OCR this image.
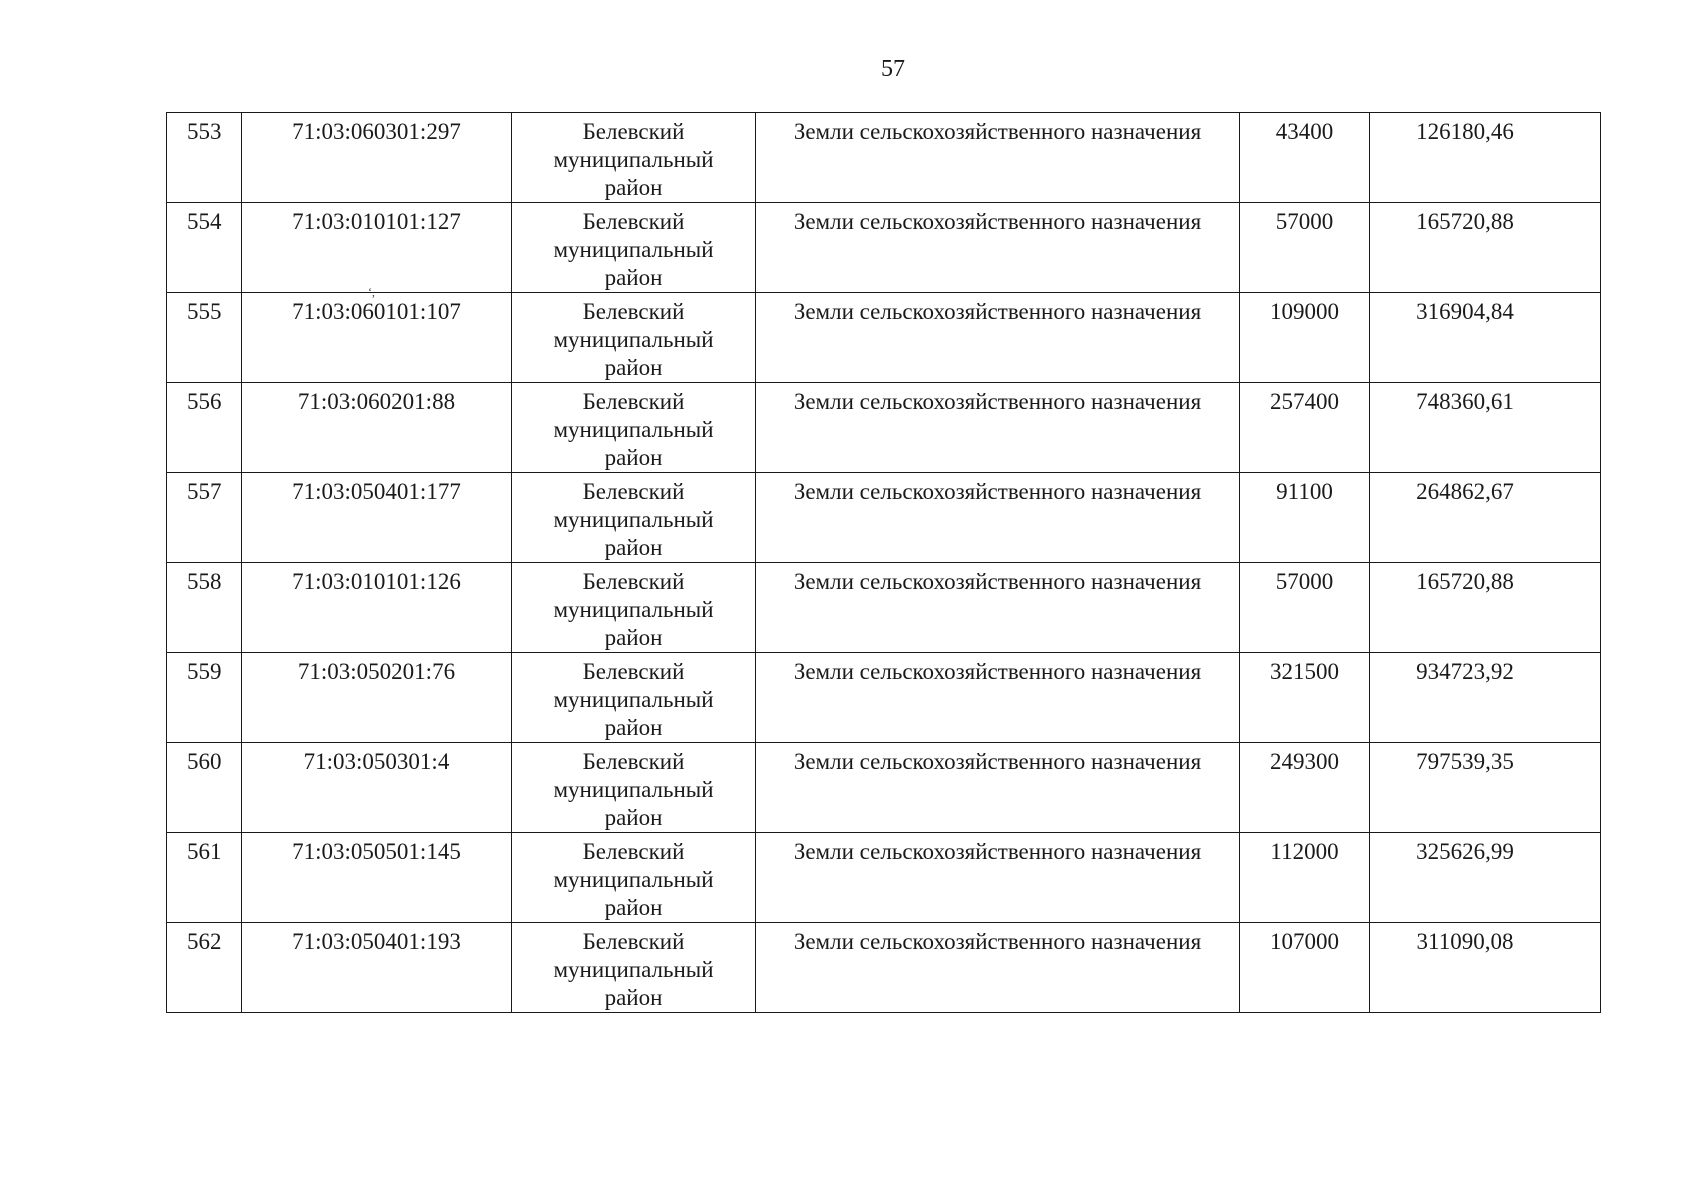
57
‘,
553	71:03:060301:297	Белевский
муниципальный
район	Земли сельскохозяйственного назначения	43400	126180,46
554	71:03:010101:127	Белевский
муниципальный
район	Земли сельскохозяйственного назначения	57000	165720,88
555	71:03:060101:107	Белевский
муниципальный
район	Земли сельскохозяйственного назначения	109000	316904,84
556	71:03:060201:88	Белевский
муниципальный
район	Земли сельскохозяйственного назначения	257400	748360,61
557	71:03:050401:177	Белевский
муниципальный
район	Земли сельскохозяйственного назначения	91100	264862,67
558	71:03:010101:126	Белевский
муниципальный
район	Земли сельскохозяйственного назначения	57000	165720,88
559	71:03:050201:76	Белевский
муниципальный
район	Земли сельскохозяйственного назначения	321500	934723,92
560	71:03:050301:4	Белевский
муниципальный
район	Земли сельскохозяйственного назначения	249300	797539,35
561	71:03:050501:145	Белевский
муниципальный
район	Земли сельскохозяйственного назначения	112000	325626,99
562	71:03:050401:193	Белевский
муниципальный
район	Земли сельскохозяйственного назначения	107000	311090,08
